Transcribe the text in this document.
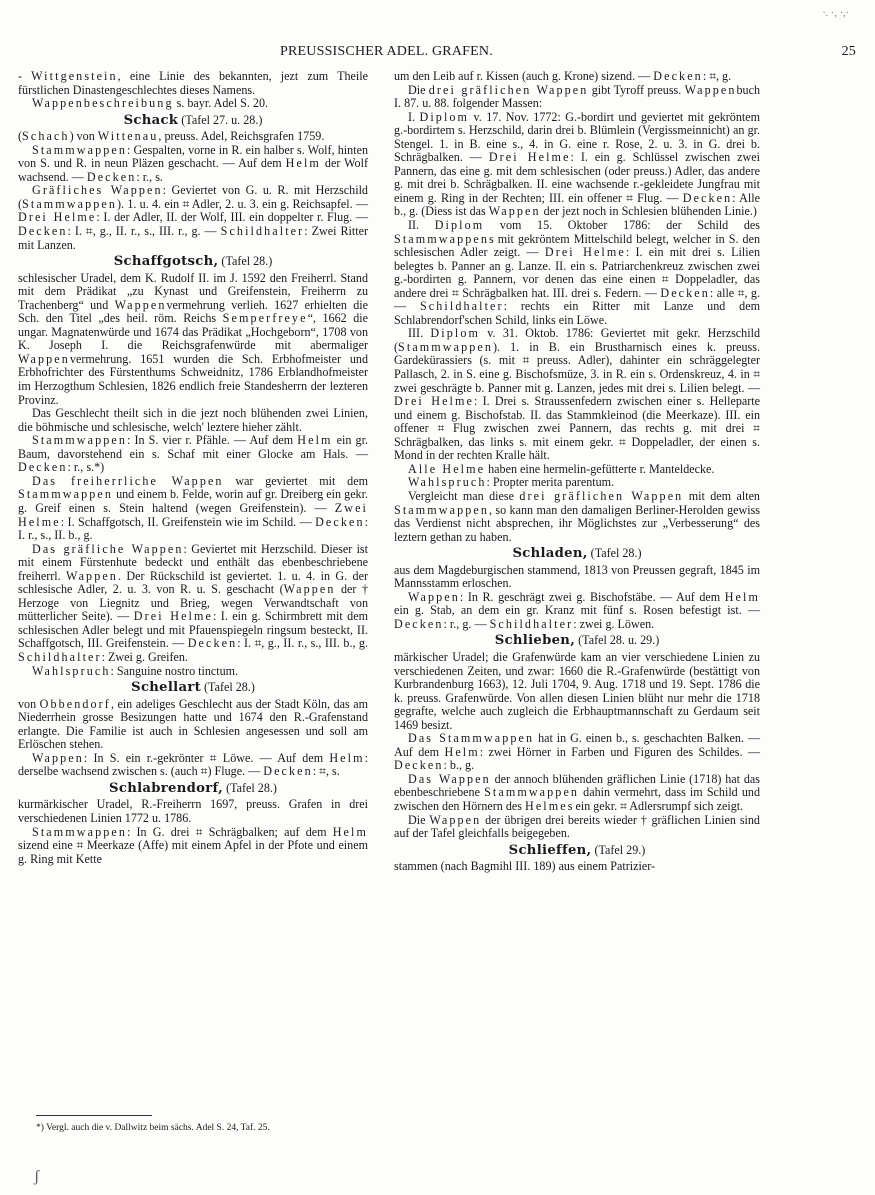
PREUSSISCHER ADEL. GRAFEN.	25
·. ·‚ ·,·

- Wittgenstein, eine Linie des bekannten, jezt zum Theile fürstlichen Dinastengeschlechtes dieses Namens.

Wappenbeschreibung s. bayr. Adel S. 20.

Schack (Tafel 27. u. 28.)

(Schach) von Wittenau, preuss. Adel, Reichsgrafen 1759.

Stammwappen: Gespalten, vorne in R. ein halber s. Wolf, hinten von S. und R. in neun Pläzen geschacht. — Auf dem Helm der Wolf wachsend. — Decken: r., s.

Gräfliches Wappen: Geviertet von G. u. R. mit Herzschild (Stammwappen). 1. u. 4. ein ⌗ Adler, 2. u. 3. ein g. Reichsapfel. — Drei Helme: I. der Adler, II. der Wolf, III. ein doppelter r. Flug. — Decken: I. ⌗, g., II. r., s., III. r., g. — Schildhalter: Zwei Ritter mit Lanzen.

Schaffgotsch, (Tafel 28.)

schlesischer Uradel, dem K. Rudolf II. im J. 1592 den Freiherrl. Stand mit dem Prädikat „zu Kynast und Greifenstein, Freiherrn zu Trachenberg“ und Wappenvermehrung verlieh. 1627 erhielten die Sch. den Titel „des heil. röm. Reichs Semperfreye“, 1662 die ungar. Magnatenwürde und 1674 das Prädikat „Hochgeborn“, 1708 von K. Joseph I. die Reichsgrafenwürde mit abermaliger Wappenvermehrung. 1651 wurden die Sch. Erbhofmeister und Erbhofrichter des Fürstenthums Schweidnitz, 1786 Erblandhofmeister im Herzogthum Schlesien, 1826 endlich freie Standesherrn der lezteren Provinz.

Das Geschlecht theilt sich in die jezt noch blühenden zwei Linien, die böhmische und schlesische, welch' leztere hieher zählt.

Stammwappen: In S. vier r. Pfähle. — Auf dem Helm ein gr. Baum, davorstehend ein s. Schaf mit einer Glocke am Hals. — Decken: r., s.*)

Das freiherrliche Wappen war geviertet mit dem Stammwappen und einem b. Felde, worin auf gr. Dreiberg ein gekr. g. Greif einen s. Stein haltend (wegen Greifenstein). — Zwei Helme: I. Schaffgotsch, II. Greifenstein wie im Schild. — Decken: I. r., s., II. b., g.

Das gräfliche Wappen: Geviertet mit Herzschild. Dieser ist mit einem Fürstenhute bedeckt und enthält das ebenbeschriebene freiherrl. Wappen. Der Rückschild ist geviertet. 1. u. 4. in G. der schlesische Adler, 2. u. 3. von R. u. S. geschacht (Wappen der † Herzoge von Liegnitz und Brieg, wegen Verwandtschaft von mütterlicher Seite). — Drei Helme: I. ein g. Schirmbrett mit dem schlesischen Adler belegt und mit Pfauenspiegeln ringsum besteckt, II. Schaffgotsch, III. Greifenstein. — Decken: I. ⌗, g., II. r., s., III. b., g. Schildhalter: Zwei g. Greifen.

Wahlspruch: Sanguine nostro tinctum.

Schellart (Tafel 28.)

von Obbendorf, ein adeliges Geschlecht aus der Stadt Köln, das am Niederrhein grosse Besizungen hatte und 1674 den R.-Grafenstand erlangte. Die Familie ist auch in Schlesien angesessen und soll am Erlöschen stehen.

Wappen: In S. ein r.-gekrönter ⌗ Löwe. — Auf dem Helm: derselbe wachsend zwischen s. (auch ⌗) Fluge. — Decken: ⌗, s.

Schlabrendorf, (Tafel 28.)

kurmärkischer Uradel, R.-Freiherrn 1697, preuss. Grafen in drei verschiedenen Linien 1772 u. 1786.

Stammwappen: In G. drei ⌗ Schrägbalken; auf dem Helm sizend eine ⌗ Meerkaze (Affe) mit einem Apfel in der Pfote und einem g. Ring mit Kette

um den Leib auf r. Kissen (auch g. Krone) sizend. — Decken: ⌗, g.

Die drei gräflichen Wappen gibt Tyroff preuss. Wappenbuch I. 87. u. 88. folgender Massen:

I. Diplom v. 17. Nov. 1772: G.-bordirt und geviertet mit gekröntem g.-bordirtem s. Herzschild, darin drei b. Blümlein (Vergissmeinnicht) an gr. Stengel. 1. in B. eine s., 4. in G. eine r. Rose, 2. u. 3. in G. drei b. Schrägbalken. — Drei Helme: I. ein g. Schlüssel zwischen zwei Pannern, das eine g. mit dem schlesischen (oder preuss.) Adler, das andere g. mit drei b. Schrägbalken. II. eine wachsende r.-gekleidete Jungfrau mit einem g. Ring in der Rechten; III. ein offener ⌗ Flug. — Decken: Alle b., g. (Diess ist das Wappen der jezt noch in Schlesien blühenden Linie.)

II. Diplom vom 15. Oktober 1786: der Schild des Stammwappens mit gekröntem Mittelschild belegt, welcher in S. den schlesischen Adler zeigt. — Drei Helme: I. ein mit drei s. Lilien belegtes b. Panner an g. Lanze. II. ein s. Patriarchenkreuz zwischen zwei g.-bordirten g. Pannern, vor denen das eine einen ⌗ Doppeladler, das andere drei ⌗ Schrägbalken hat. III. drei s. Federn. — Decken: alle ⌗, g. — Schildhalter: rechts ein Ritter mit Lanze und dem Schlabrendorf'schen Schild, links ein Löwe.

III. Diplom v. 31. Oktob. 1786: Geviertet mit gekr. Herzschild (Stammwappen). 1. in B. ein Brustharnisch eines k. preuss. Gardekürassiers (s. mit ⌗ preuss. Adler), dahinter ein schräggelegter Pallasch, 2. in S. eine g. Bischofsmüze, 3. in R. ein s. Ordenskreuz, 4. in ⌗ zwei geschrägte b. Panner mit g. Lanzen, jedes mit drei s. Lilien belegt. — Drei Helme: I. Drei s. Straussenfedern zwischen einer s. Helleparte und einem g. Bischofstab. II. das Stammkleinod (die Meerkaze). III. ein offener ⌗ Flug zwischen zwei Pannern, das rechts g. mit drei ⌗ Schrägbalken, das links s. mit einem gekr. ⌗ Doppeladler, der einen s. Mond in der rechten Kralle hält.

Alle Helme haben eine hermelin-gefütterte r. Manteldecke.

Wahlspruch: Propter merita parentum.

Vergleicht man diese drei gräflichen Wappen mit dem alten Stammwappen, so kann man den damaligen Berliner-Herolden gewiss das Verdienst nicht absprechen, ihr Möglichstes zur „Verbesserung“ des leztern gethan zu haben.

Schladen, (Tafel 28.)

aus dem Magdeburgischen stammend, 1813 von Preussen gegraft, 1845 im Mannsstamm erloschen.

Wappen: In R. geschrägt zwei g. Bischofstäbe. — Auf dem Helm ein g. Stab, an dem ein gr. Kranz mit fünf s. Rosen befestigt ist. — Decken: r., g. — Schildhalter: zwei g. Löwen.

Schlieben, (Tafel 28. u. 29.)

märkischer Uradel; die Grafenwürde kam an vier verschiedene Linien zu verschiedenen Zeiten, und zwar: 1660 die R.-Grafenwürde (bestättigt von Kurbrandenburg 1663), 12. Juli 1704, 9. Aug. 1718 und 19. Sept. 1786 die k. preuss. Grafenwürde. Von allen diesen Linien blüht nur mehr die 1718 gegrafte, welche auch zugleich die Erbhauptmannschaft zu Gerdaum seit 1469 besizt.

Das Stammwappen hat in G. einen b., s. geschachten Balken. — Auf dem Helm: zwei Hörner in Farben und Figuren des Schildes. — Decken: b., g.

Das Wappen der annoch blühenden gräflichen Linie (1718) hat das ebenbeschriebene Stammwappen dahin vermehrt, dass im Schild und zwischen den Hörnern des Helmes ein gekr. ⌗ Adlersrumpf sich zeigt.

Die Wappen der übrigen drei bereits wieder † gräflichen Linien sind auf der Tafel gleichfalls beigegeben.

Schlieffen, (Tafel 29.)

stammen (nach Bagmihl III. 189) aus einem Patrizier-

*) Vergl. auch die v. Dallwitz beim sächs. Adel S. 24, Taf. 25.
ʃ
